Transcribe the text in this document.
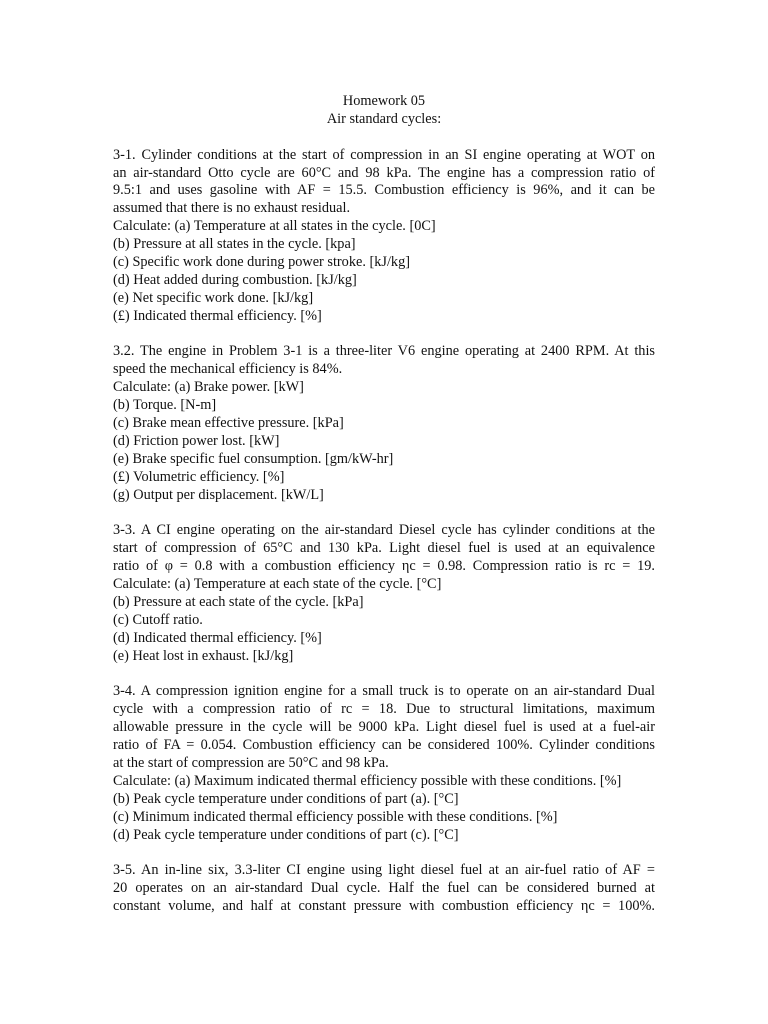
Homework 05
Air standard cycles:
3-1. Cylinder conditions at the start of compression in an SI engine operating at WOT on
an air-standard Otto cycle are 60°C and 98 kPa. The engine has a compression ratio of
9.5:1 and uses gasoline with AF = 15.5. Combustion efficiency is 96%, and it can be
assumed that there is no exhaust residual.
Calculate: (a) Temperature at all states in the cycle. [0C]
(b) Pressure at all states in the cycle. [kpa]
(c) Specific work done during power stroke. [kJ/kg]
(d) Heat added during combustion. [kJ/kg]
(e) Net specific work done. [kJ/kg]
(£) Indicated thermal efficiency. [%]
3.2. The engine in Problem 3-1 is a three-liter V6 engine operating at 2400 RPM. At this
speed the mechanical efficiency is 84%.
Calculate: (a) Brake power. [kW]
(b) Torque. [N-m]
(c) Brake mean effective pressure. [kPa]
(d) Friction power lost. [kW]
(e) Brake specific fuel consumption. [gm/kW-hr]
(£) Volumetric efficiency. [%]
(g) Output per displacement. [kW/L]
3-3. A CI engine operating on the air-standard Diesel cycle has cylinder conditions at the
start of compression of 65°C and 130 kPa. Light diesel fuel is used at an equivalence
ratio of φ = 0.8 with a combustion efficiency ηc = 0.98. Compression ratio is rc = 19.
Calculate: (a) Temperature at each state of the cycle. [°C]
(b) Pressure at each state of the cycle. [kPa]
(c) Cutoff ratio.
(d) Indicated thermal efficiency. [%]
(e) Heat lost in exhaust. [kJ/kg]
3-4. A compression ignition engine for a small truck is to operate on an air-standard Dual
cycle with a compression ratio of rc = 18. Due to structural limitations, maximum
allowable pressure in the cycle will be 9000 kPa. Light diesel fuel is used at a fuel-air
ratio of FA = 0.054. Combustion efficiency can be considered 100%. Cylinder conditions
at the start of compression are 50°C and 98 kPa.
Calculate: (a) Maximum indicated thermal efficiency possible with these conditions. [%]
(b) Peak cycle temperature under conditions of part (a). [°C]
(c) Minimum indicated thermal efficiency possible with these conditions. [%]
(d) Peak cycle temperature under conditions of part (c). [°C]
3-5. An in-line six, 3.3-liter CI engine using light diesel fuel at an air-fuel ratio of AF =
20 operates on an air-standard Dual cycle. Half the fuel can be considered burned at
constant volume, and half at constant pressure with combustion efficiency ηc = 100%.
